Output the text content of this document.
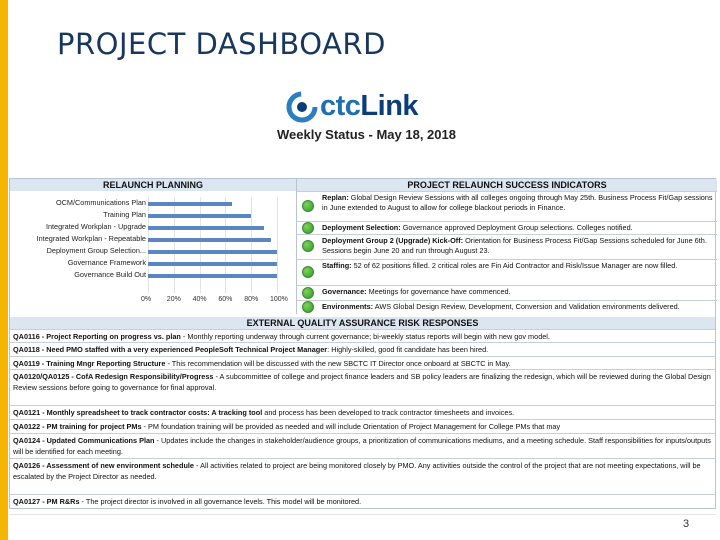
PROJECT DASHBOARD
ctcLink
Weekly Status - May 18, 2018
RELAUNCH PLANNING
0% 20% 40% 60% 80% 100%
OCM/Communications Plan
Training Plan
Integrated Workplan - Upgrade
Integrated Workplan - Repeatable
Deployment Group Selection...
Governance Framework
Governance Build Out
PROJECT RELAUNCH SUCCESS INDICATORS
Replan: Global Design Review Sessions with all colleges ongoing through May 25th. Business Process Fit/Gap sessions in June extended to August to allow for college blackout periods in Finance.
Deployment Selection: Governance approved Deployment Group selections. Colleges notified.
Deployment Group 2 (Upgrade) Kick-Off: Orientation for Business Process Fit/Gap Sessions scheduled for June 6th. Sessions begin June 20 and run through August 23.
Staffing: 52 of 62 positions filled. 2 critical roles are Fin Aid Contractor and Risk/Issue Manager are now filled.
Governance: Meetings for governance have commenced.
Environments: AWS Global Design Review, Development, Conversion and Validation environments delivered.
EXTERNAL QUALITY ASSURANCE RISK RESPONSES
QA0116 - Project Reporting on progress vs. plan - Monthly reporting underway through current governance; bi-weekly status reports will begin with new gov model.
QA0118 - Need PMO staffed with a very experienced PeopleSoft Technical Project Manager: Highly-skilled, good fit candidate has been hired.
QA0119 - Training Mngr Reporting Structure - This recommendation will be discussed with the new SBCTC IT Director once onboard at SBCTC in May.
QA0120/QA0125 - CofA Redesign Responsibility/Progress - A subcommittee of college and project finance leaders and SB policy leaders are finalizing the redesign, which will be reviewed during the Global Design Review sessions before going to governance for final approval.
QA0121 - Monthly spreadsheet to track contractor costs: A tracking tool and process has been developed to track contractor timesheets and invoices.
QA0122 - PM training for project PMs - PM foundation training will be provided as needed and will include Orientation of Project Management for College PMs that may
QA0124 - Updated Communications Plan - Updates include the changes in stakeholder/audience groups, a prioritization of communications mediums, and a meeting schedule. Staff responsibilities for inputs/outputs will be identified for each meeting.
QA0126 - Assessment of new environment schedule - All activities related to project are being monitored closely by PMO. Any activities outside the control of the project that are not meeting expectations, will be escalated by the Project Director as needed.
QA0127 - PM R&Rs - The project director is involved in all governance levels. This model will be monitored.
3
